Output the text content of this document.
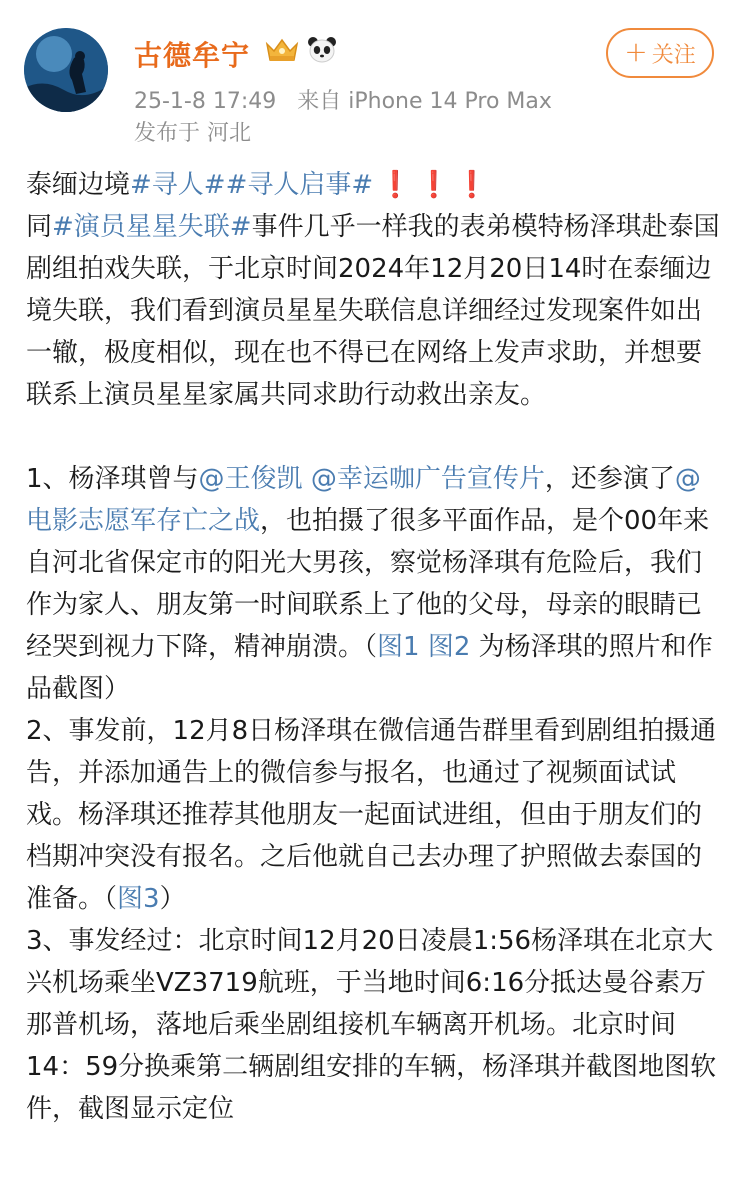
古德牟宁	+ 关注
25-1-8 17:49 来自 iPhone 14 Pro Max
发布于 河北

泰缅边境#寻人##寻人启事# ❗❗❗

同#演员星星失联#事件几乎一样我的表弟模特杨泽琪赴泰国剧组拍戏失联，于北京时间2024年12月20日14时在泰缅边境失联，我们看到演员星星失联信息详细经过发现案件如出一辙，极度相似，现在也不得已在网络上发声求助，并想要联系上演员星星家属共同求助行动救出亲友。

1、杨泽琪曾与@王俊凯 @幸运咖广告宣传片，还参演了@电影志愿军存亡之战，也拍摄了很多平面作品，是个00年来自河北省保定市的阳光大男孩，察觉杨泽琪有危险后，我们作为家人、朋友第一时间联系上了他的父母，母亲的眼睛已经哭到视力下降，精神崩溃。（图1 图2 为杨泽琪的照片和作品截图）

2、事发前，12月8日杨泽琪在微信通告群里看到剧组拍摄通告，并添加通告上的微信参与报名，也通过了视频面试试戏。杨泽琪还推荐其他朋友一起面试进组，但由于朋友们的档期冲突没有报名。之后他就自己去办理了护照做去泰国的准备。（图3）

3、事发经过：北京时间12月20日凌晨1:56杨泽琪在北京大兴机场乘坐VZ3719航班，于当地时间6:16分抵达曼谷素万那普机场，落地后乘坐剧组接机车辆离开机场。北京时间14：59分换乘第二辆剧组安排的车辆，杨泽琪并截图地图软件，截图显示定位
